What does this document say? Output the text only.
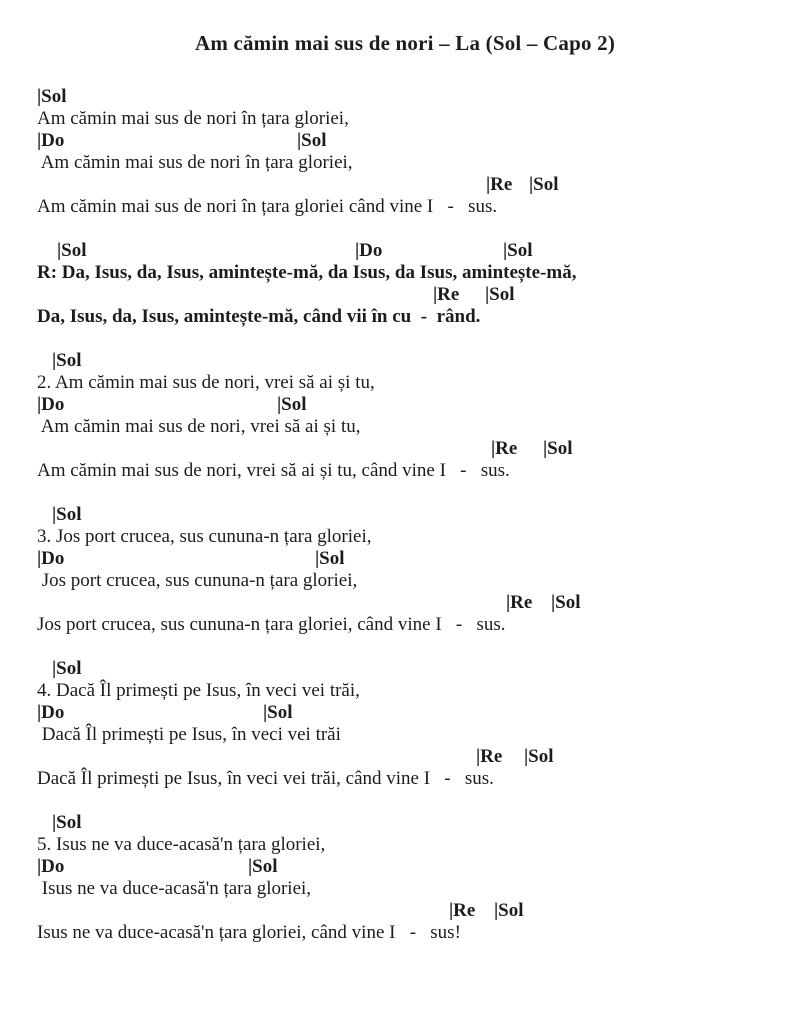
Am cămin mai sus de nori – La (Sol – Capo 2)
|Sol
Am cămin mai sus de nori în țara gloriei,
|Do	|Sol
Am cămin mai sus de nori în țara gloriei,
|Re |Sol
Am cămin mai sus de nori în țara gloriei când vine I   -   sus.
|Sol	|Do	|Sol
R: Da, Isus, da, Isus, amintește-mă, da Isus, da Isus, amintește-mă,
|Re |Sol
Da, Isus, da, Isus, amintește-mă, când vii în cu  -  rând.
|Sol
2. Am cămin mai sus de nori, vrei să ai și tu,
|Do	|Sol
Am cămin mai sus de nori, vrei să ai și tu,
|Re |Sol
Am cămin mai sus de nori, vrei să ai și tu, când vine I   -   sus.
|Sol
3. Jos port crucea, sus cununa-n țara gloriei,
|Do	|Sol
Jos port crucea, sus cununa-n țara gloriei,
|Re |Sol
Jos port crucea, sus cununa-n țara gloriei, când vine I   -   sus.
|Sol
4. Dacă Îl primești pe Isus, în veci vei trăi,
|Do	|Sol
Dacă Îl primești pe Isus, în veci vei trăi
|Re |Sol
Dacă Îl primești pe Isus, în veci vei trăi, când vine I   -   sus.
|Sol
5. Isus ne va duce-acasă'n țara gloriei,
|Do	|Sol
Isus ne va duce-acasă'n țara gloriei,
|Re |Sol
Isus ne va duce-acasă'n țara gloriei, când vine I   -   sus!
